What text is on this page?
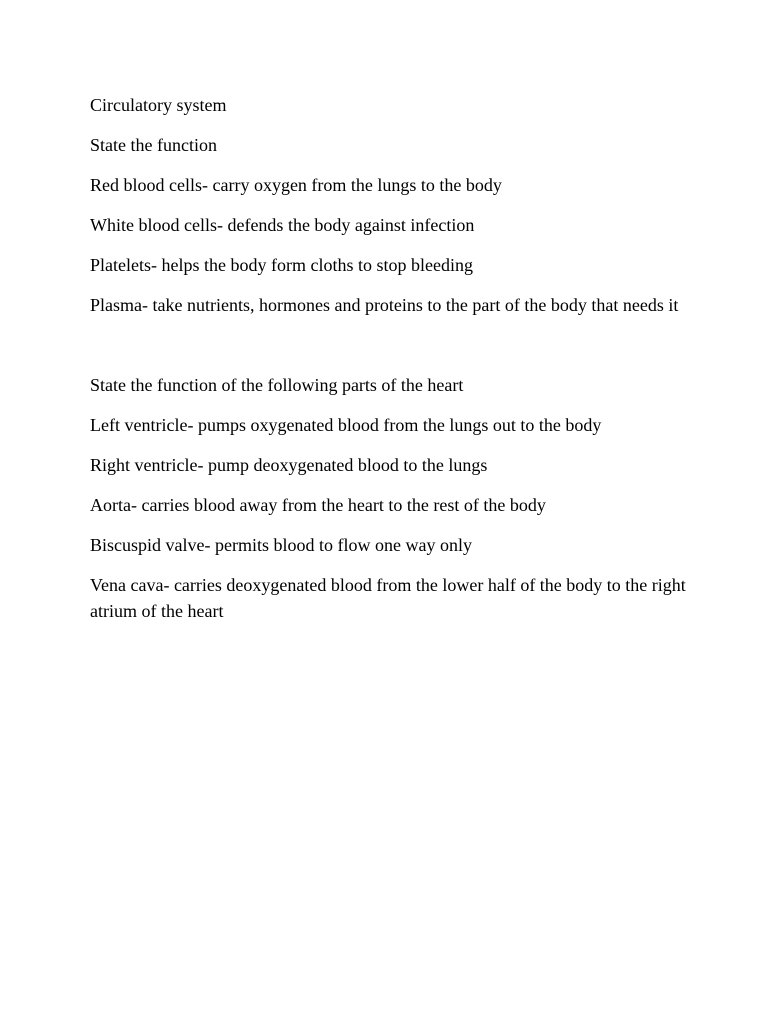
Circulatory system

State the function

Red blood cells- carry oxygen from the lungs to the body

White blood cells- defends the body against infection

Platelets- helps the body form cloths to stop bleeding

Plasma- take nutrients, hormones and proteins to the part of the body that needs it

State the function of the following parts of the heart

Left ventricle- pumps oxygenated blood from the lungs out to the body

Right ventricle- pump deoxygenated blood to the lungs

Aorta- carries blood away from the heart to the rest of the body

Biscuspid valve- permits blood to flow one way only

Vena cava- carries deoxygenated blood from the lower half of the body to the right atrium of the heart
